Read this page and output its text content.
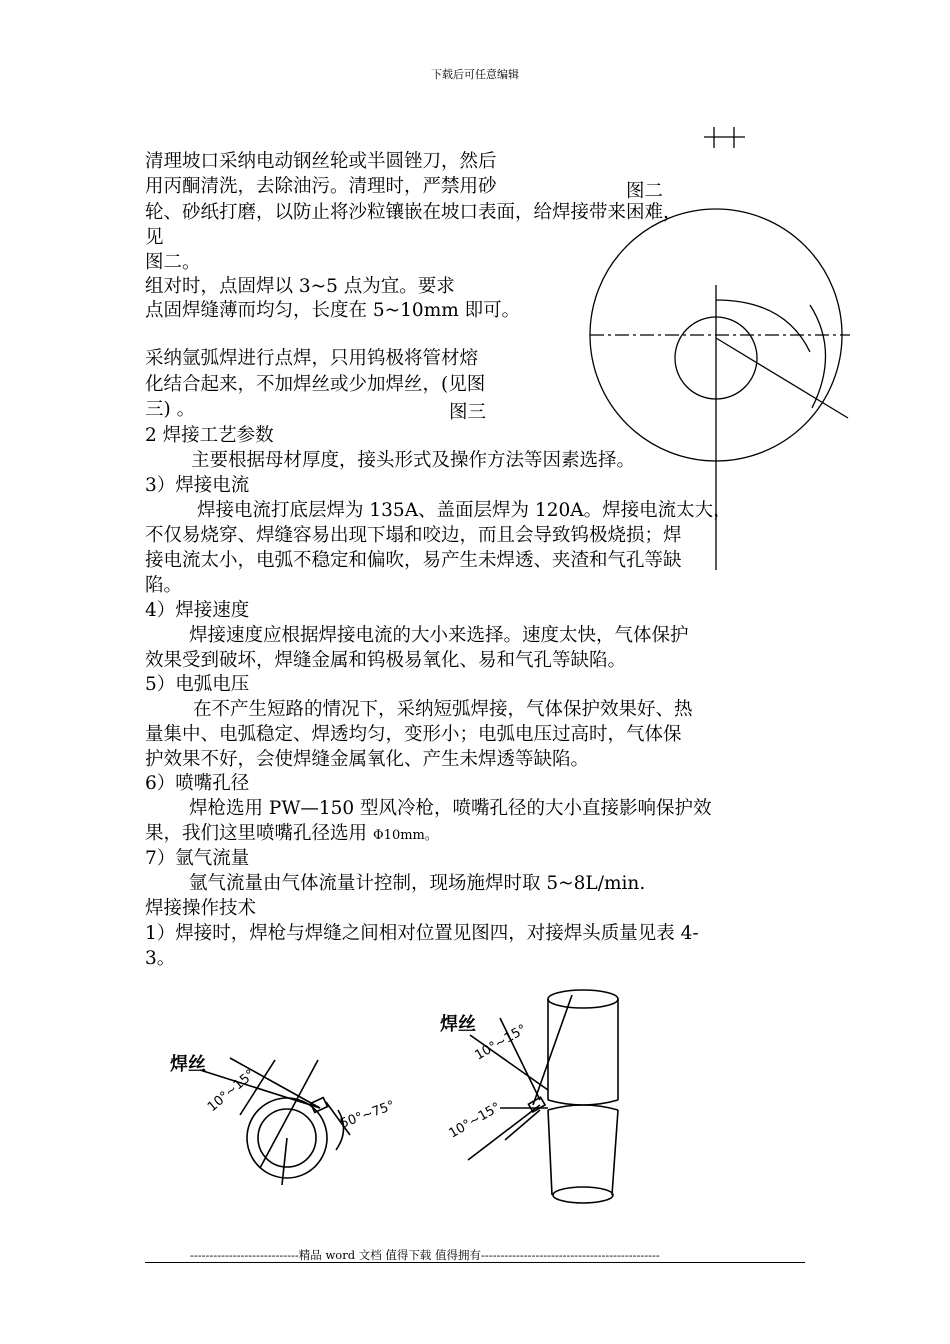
下载后可任意编辑
图二
图三
清理坡口采纳电动钢丝轮或半圆锉刀，然后
用丙酮清洗，去除油污。清理时，严禁用砂
轮、砂纸打磨，以防止将沙粒镶嵌在坡口表面，给焊接带来困难，
见
图二。
组对时，点固焊以 3~5 点为宜。要求
点固焊缝薄而均匀，长度在 5~10mm 即可。
采纳氩弧焊进行点焊，只用钨极将管材熔
化结合起来，不加焊丝或少加焊丝，(见图
三) 。
2 焊接工艺参数
主要根据母材厚度，接头形式及操作方法等因素选择。
3）焊接电流
焊接电流打底层焊为 135A、盖面层焊为 120A。焊接电流太大，
不仅易烧穿、焊缝容易出现下塌和咬边，而且会导致钨极烧损；焊
接电流太小，电弧不稳定和偏吹，易产生未焊透、夹渣和气孔等缺
陷。
4）焊接速度
焊接速度应根据焊接电流的大小来选择。速度太快，气体保护
效果受到破坏，焊缝金属和钨极易氧化、易和气孔等缺陷。
5）电弧电压
在不产生短路的情况下，采纳短弧焊接，气体保护效果好、热
量集中、电弧稳定、焊透均匀，变形小；电弧电压过高时，气体保
护效果不好，会使焊缝金属氧化、产生未焊透等缺陷。
6）喷嘴孔径
焊枪选用 PW—150 型风冷枪，喷嘴孔径的大小直接影响保护效
果，我们这里喷嘴孔径选用 Φ10mm。
7）氩气流量
氩气流量由气体流量计控制，现场施焊时取 5~8L/min.
焊接操作技术
1）焊接时，焊枪与焊缝之间相对位置见图四，对接焊头质量见表 4-
3。
焊丝
10°~15°	50°~75°
焊丝
10°~15°
10°~15°
----------------------------精品 word 文档 值得下载 值得拥有----------------------------------------------
